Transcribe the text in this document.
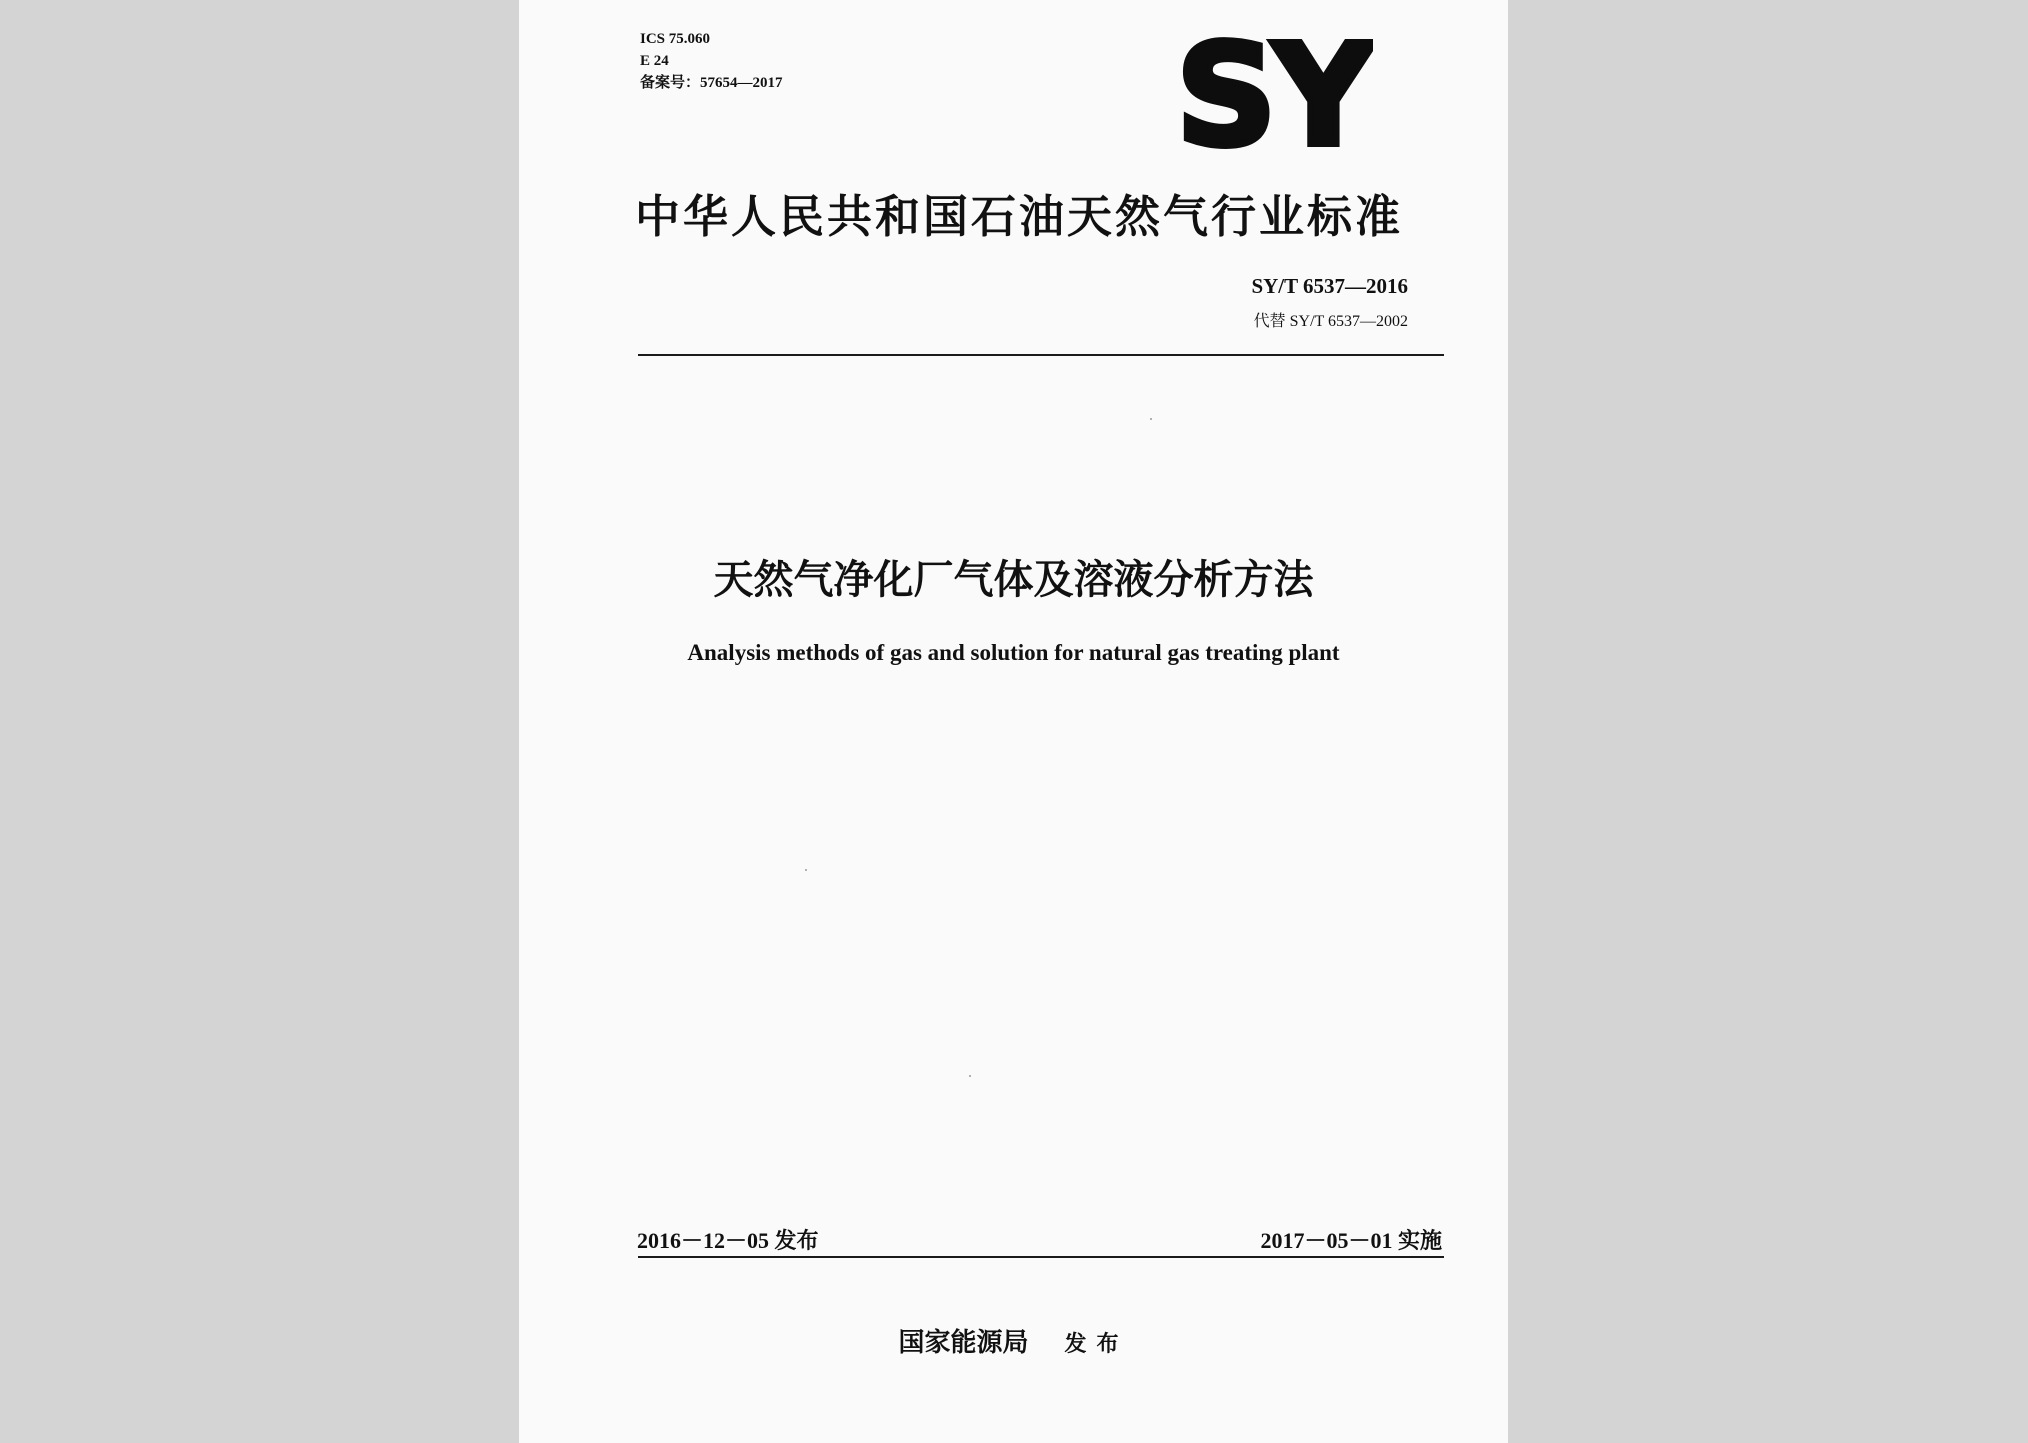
ICS 75.060
E 24
备案号：57654—2017	SY
中华人民共和国石油天然气行业标准
SY/T 6537—2016
代替 SY/T 6537—2002
天然气净化厂气体及溶液分析方法
Analysis methods of gas and solution for natural gas treating plant
2016－12－05 发布	2017－05－01 实施
国家能源局 发布
